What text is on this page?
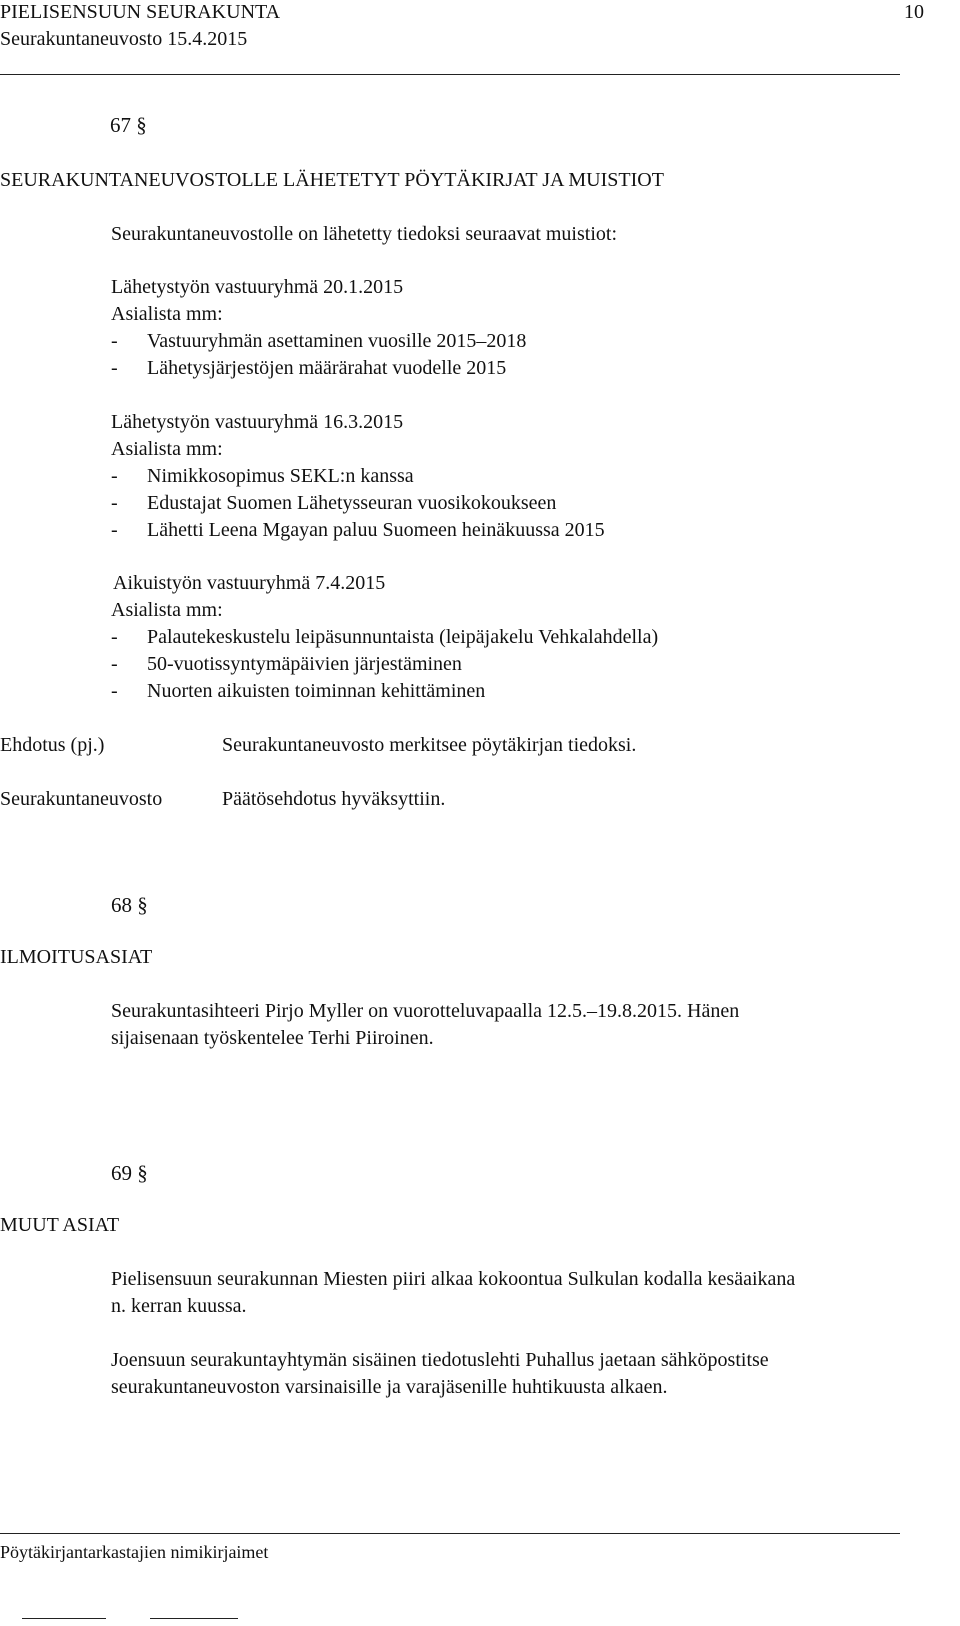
PIELISENSUUN SEURAKUNTA	10
Seurakuntaneuvosto 15.4.2015
67 §
SEURAKUNTANEUVOSTOLLE LÄHETETYT PÖYTÄKIRJAT JA MUISTIOT
Seurakuntaneuvostolle on lähetetty tiedoksi seuraavat muistiot:
Lähetystyön vastuuryhmä 20.1.2015
Asialista mm:
- Vastuuryhmän asettaminen vuosille 2015–2018
- Lähetysjärjestöjen määrärahat vuodelle 2015
Lähetystyön vastuuryhmä 16.3.2015
Asialista mm:
- Nimikkosopimus SEKL:n kanssa
- Edustajat Suomen Lähetysseuran vuosikokoukseen
- Lähetti Leena Mgayan paluu Suomeen heinäkuussa 2015
Aikuistyön vastuuryhmä 7.4.2015
Asialista mm:
- Palautekeskustelu leipäsunnuntaista (leipäjakelu Vehkalahdella)
- 50-vuotissyntymäpäivien järjestäminen
- Nuorten aikuisten toiminnan kehittäminen
Ehdotus (pj.)	Seurakuntaneuvosto merkitsee pöytäkirjan tiedoksi.
Seurakuntaneuvosto	Päätösehdotus hyväksyttiin.
68 §
ILMOITUSASIAT
Seurakuntasihteeri Pirjo Myller on vuorotteluvapaalla 12.5.–19.8.2015. Hänen
sijaisenaan työskentelee Terhi Piiroinen.
69 §
MUUT ASIAT
Pielisensuun seurakunnan Miesten piiri alkaa kokoontua Sulkulan kodalla kesäaikana
n. kerran kuussa.
Joensuun seurakuntayhtymän sisäinen tiedotuslehti Puhallus jaetaan sähköpostitse
seurakuntaneuvoston varsinaisille ja varajäsenille huhtikuusta alkaen.
Pöytäkirjantarkastajien nimikirjaimet
